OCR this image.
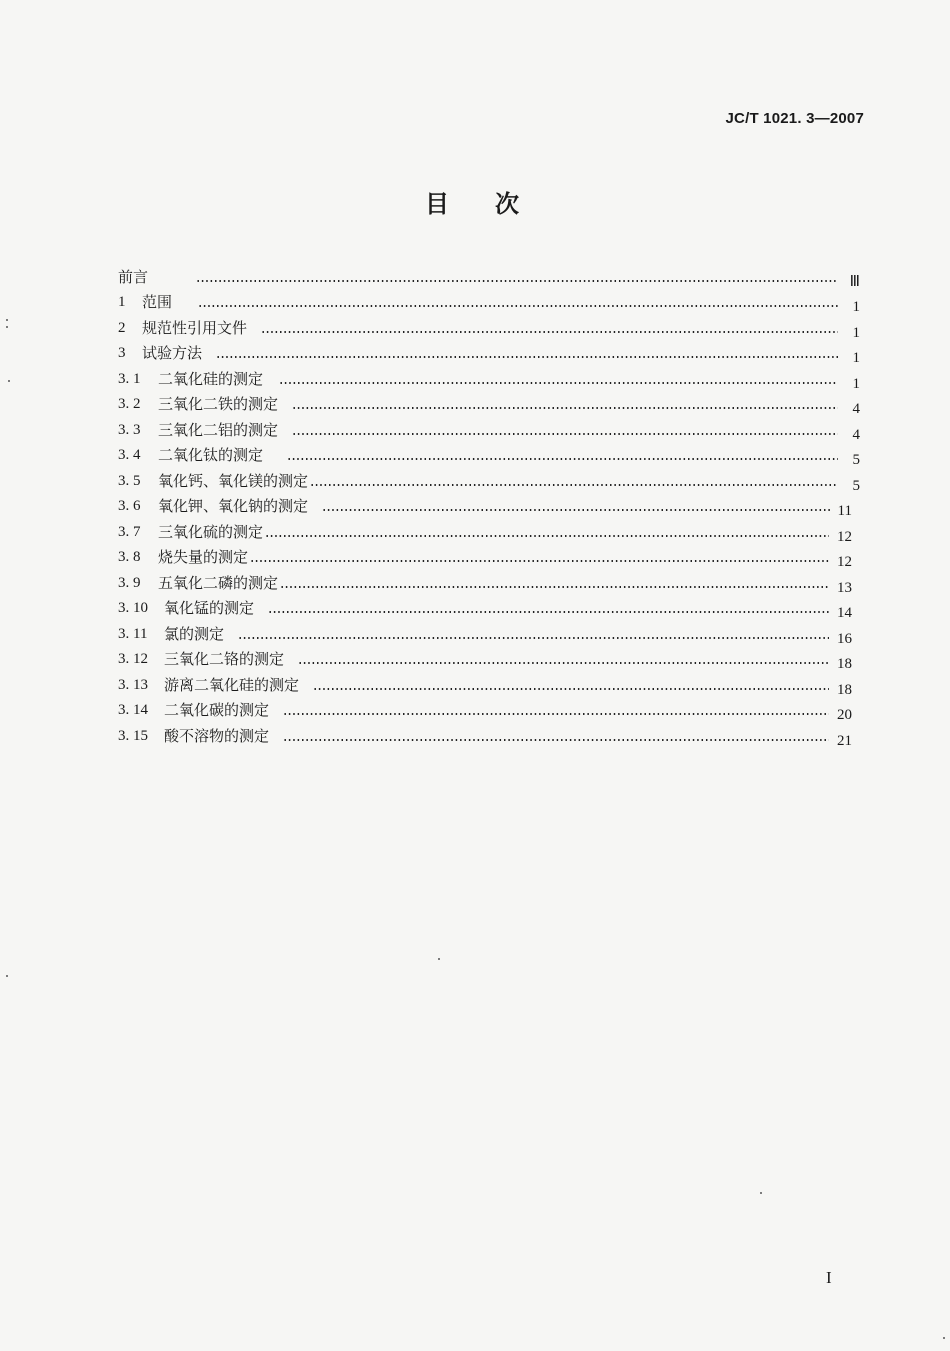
JC/T 1021. 3—2007
目次
前言	Ⅲ
1	范围	1
2	规范性引用文件	1
3	试验方法	1
3. 1	二氧化硅的测定	1
3. 2	三氧化二铁的测定	4
3. 3	三氧化二铝的测定	4
3. 4	二氧化钛的测定	5
3. 5	氧化钙、氧化镁的测定	5
3. 6	氧化钾、氧化钠的测定	11
3. 7	三氧化硫的测定	12
3. 8	烧失量的测定	12
3. 9	五氧化二磷的测定	13
3. 10	氧化锰的测定	14
3. 11	氯的测定	16
3. 12	三氧化二铬的测定	18
3. 13	游离二氧化硅的测定	18
3. 14	二氧化碳的测定	20
3. 15	酸不溶物的测定	21
I
